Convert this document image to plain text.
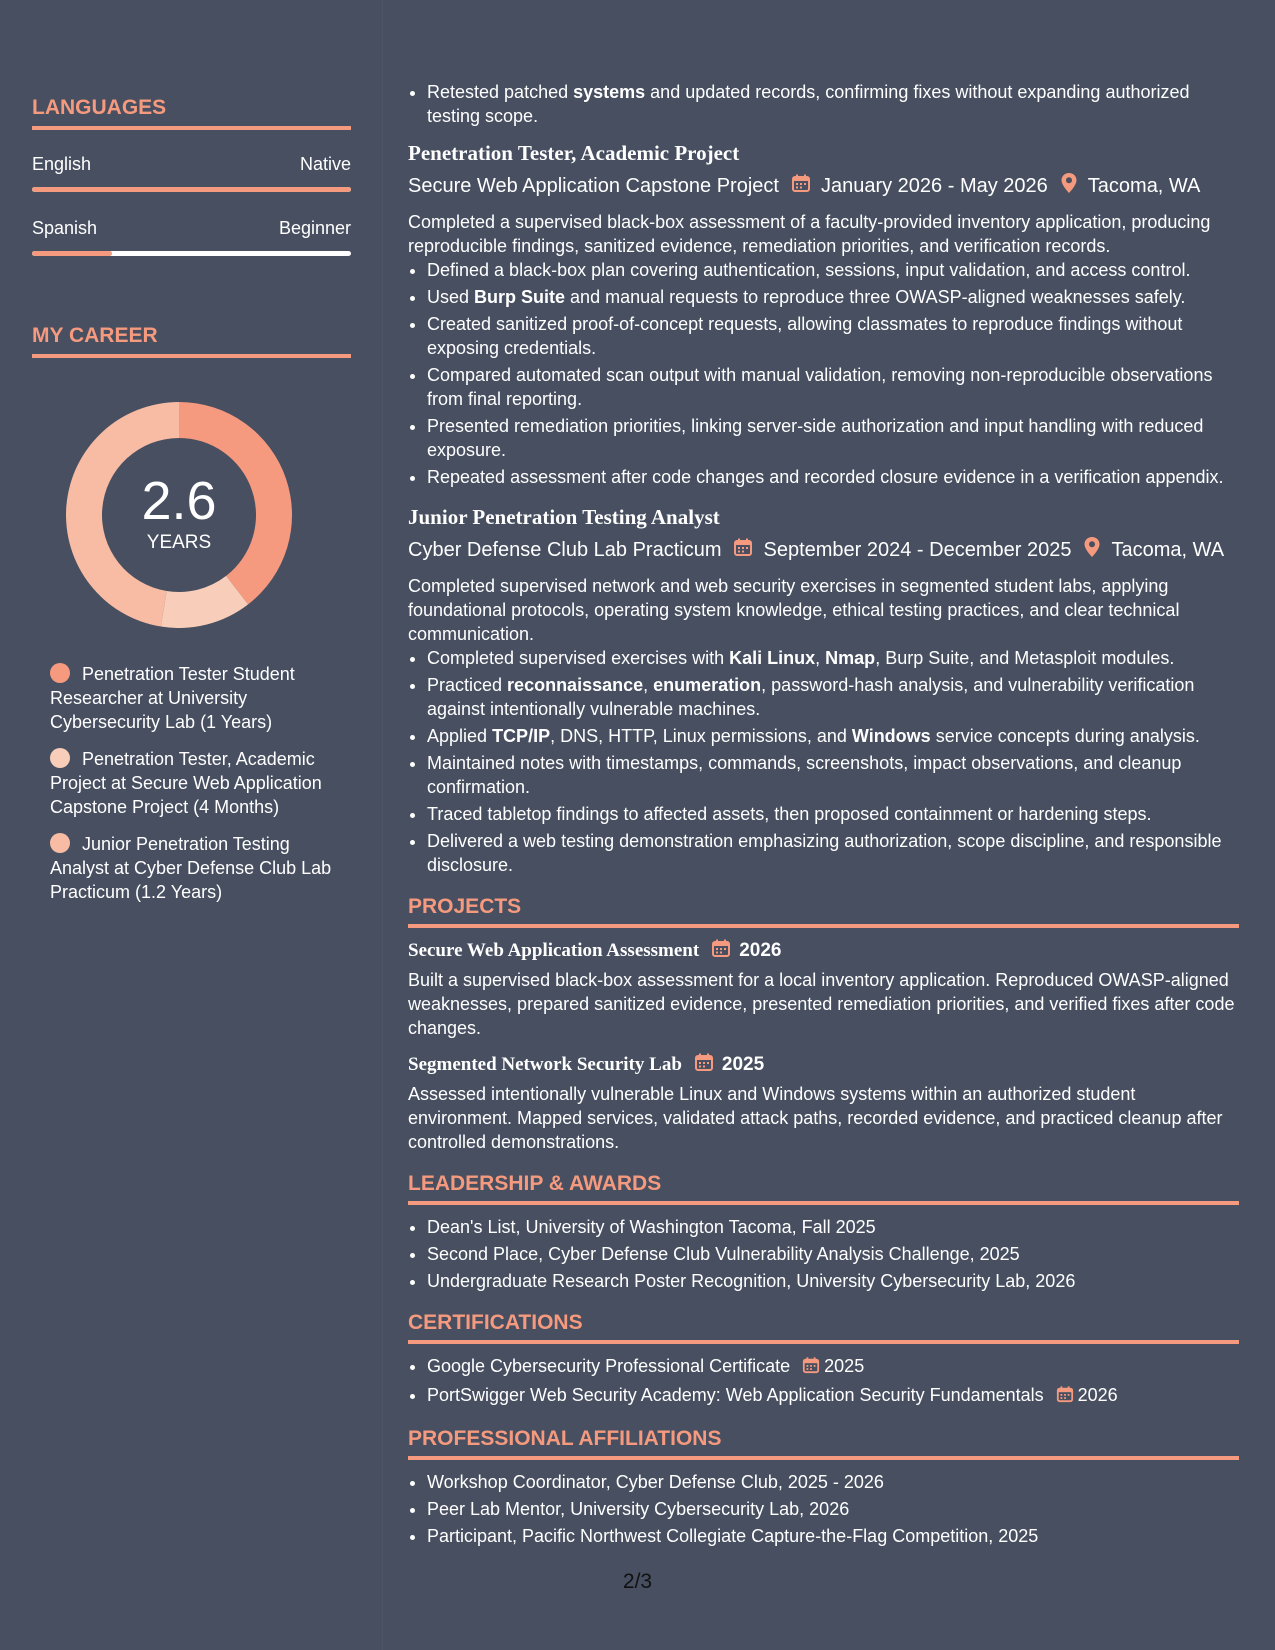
LANGUAGES
English	Native
Spanish	Beginner
MY CAREER
2.6
YEARS
Penetration Tester Student Researcher at University Cybersecurity Lab (1 Years)
Penetration Tester, Academic Project at Secure Web Application Capstone Project (4 Months)
Junior Penetration Testing Analyst at Cyber Defense Club Lab Practicum (1.2 Years)
• Retested patched systems and updated records, confirming fixes without expanding authorized testing scope.
Penetration Tester, Academic Project
Secure Web Application Capstone Project January 2026 - May 2026 Tacoma, WA
Completed a supervised black-box assessment of a faculty-provided inventory application, producing reproducible findings, sanitized evidence, remediation priorities, and verification records.
• Defined a black-box plan covering authentication, sessions, input validation, and access control.
• Used Burp Suite and manual requests to reproduce three OWASP-aligned weaknesses safely.
• Created sanitized proof-of-concept requests, allowing classmates to reproduce findings without exposing credentials.
• Compared automated scan output with manual validation, removing non-reproducible observations from final reporting.
• Presented remediation priorities, linking server-side authorization and input handling with reduced exposure.
• Repeated assessment after code changes and recorded closure evidence in a verification appendix.
Junior Penetration Testing Analyst
Cyber Defense Club Lab Practicum September 2024 - December 2025 Tacoma, WA
Completed supervised network and web security exercises in segmented student labs, applying foundational protocols, operating system knowledge, ethical testing practices, and clear technical communication.
• Completed supervised exercises with Kali Linux, Nmap, Burp Suite, and Metasploit modules.
• Practiced reconnaissance, enumeration, password-hash analysis, and vulnerability verification against intentionally vulnerable machines.
• Applied TCP/IP, DNS, HTTP, Linux permissions, and Windows service concepts during analysis.
• Maintained notes with timestamps, commands, screenshots, impact observations, and cleanup confirmation.
• Traced tabletop findings to affected assets, then proposed containment or hardening steps.
• Delivered a web testing demonstration emphasizing authorization, scope discipline, and responsible disclosure.
PROJECTS
Secure Web Application Assessment 2026
Built a supervised black-box assessment for a local inventory application. Reproduced OWASP-aligned weaknesses, prepared sanitized evidence, presented remediation priorities, and verified fixes after code changes.
Segmented Network Security Lab 2025
Assessed intentionally vulnerable Linux and Windows systems within an authorized student environment. Mapped services, validated attack paths, recorded evidence, and practiced cleanup after controlled demonstrations.
LEADERSHIP & AWARDS
• Dean's List, University of Washington Tacoma, Fall 2025
• Second Place, Cyber Defense Club Vulnerability Analysis Challenge, 2025
• Undergraduate Research Poster Recognition, University Cybersecurity Lab, 2026
CERTIFICATIONS
• Google Cybersecurity Professional Certificate 2025
• PortSwigger Web Security Academy: Web Application Security Fundamentals 2026
PROFESSIONAL AFFILIATIONS
• Workshop Coordinator, Cyber Defense Club, 2025 - 2026
• Peer Lab Mentor, University Cybersecurity Lab, 2026
• Participant, Pacific Northwest Collegiate Capture-the-Flag Competition, 2025
2/3
